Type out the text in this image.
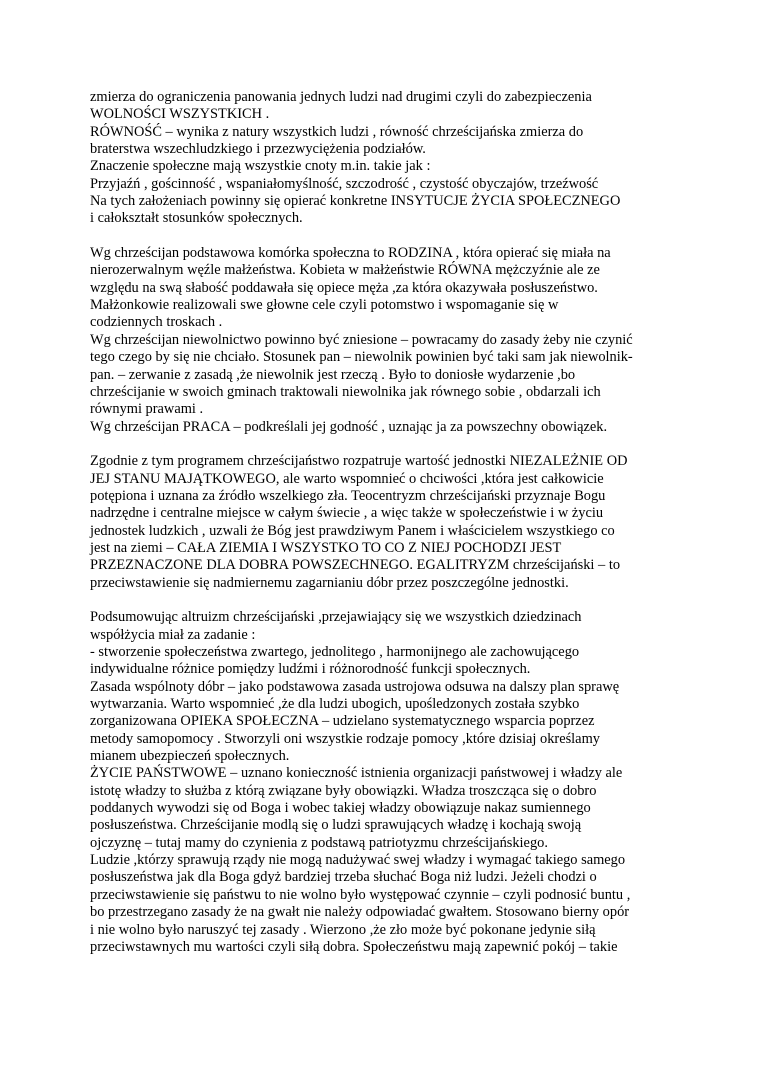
zmierza do ograniczenia panowania jednych ludzi nad drugimi czyli do zabezpieczenia
WOLNOŚCI WSZYSTKICH .
RÓWNOŚĆ – wynika z natury wszystkich ludzi , równość chrześcijańska zmierza do
braterstwa wszechludzkiego i przezwyciężenia podziałów.
Znaczenie społeczne mają wszystkie cnoty m.in. takie jak :
Przyjaźń , gościnność , wspaniałomyślność, szczodrość , czystość obyczajów, trzeźwość
Na tych założeniach powinny się opierać konkretne INSYTUCJE ŻYCIA SPOŁECZNEGO
i całokształt stosunków społecznych.
Wg chrześcijan podstawowa komórka społeczna to RODZINA , która opierać się miała na
nierozerwalnym węźle małżeństwa. Kobieta w małżeństwie RÓWNA mężczyźnie ale ze
względu na swą słabość poddawała się opiece męża ,za która okazywała posłuszeństwo.
Małżonkowie realizowali swe głowne cele czyli potomstwo i wspomaganie się w
codziennych troskach .
Wg chrześcijan niewolnictwo powinno być zniesione – powracamy do zasady żeby nie czynić
tego czego by się nie chciało. Stosunek pan – niewolnik powinien być taki sam jak niewolnik-
pan. – zerwanie z zasadą ,że niewolnik jest rzeczą . Było to doniosłe wydarzenie ,bo
chrześcijanie w swoich gminach traktowali niewolnika jak równego sobie , obdarzali ich
równymi prawami .
Wg chrześcijan PRACA – podkreślali jej godność , uznając ja za powszechny obowiązek.
Zgodnie z tym programem chrześcijaństwo rozpatruje wartość jednostki NIEZALEŻNIE OD
JEJ STANU MAJĄTKOWEGO, ale warto wspomnieć o chciwości ,która jest całkowicie
potępiona i uznana za źródło wszelkiego zła. Teocentryzm chrześcijański przyznaje Bogu
nadrzędne i centralne miejsce w całym świecie , a więc także w społeczeństwie i w życiu
jednostek ludzkich , uzwali że Bóg jest prawdziwym Panem i właścicielem wszystkiego co
jest na ziemi – CAŁA ZIEMIA I WSZYSTKO TO CO Z NIEJ POCHODZI JEST
PRZEZNACZONE DLA DOBRA POWSZECHNEGO. EGALITRYZM chrześcijański – to
przeciwstawienie się nadmiernemu zagarnianiu dóbr przez poszczególne jednostki.
Podsumowując altruizm chrześcijański ,przejawiający się we wszystkich dziedzinach
współżycia miał za zadanie :
- stworzenie społeczeństwa zwartego, jednolitego , harmonijnego ale zachowującego
indywidualne różnice pomiędzy ludźmi i różnorodność funkcji społecznych.
Zasada wspólnoty dóbr – jako podstawowa zasada ustrojowa odsuwa na dalszy plan sprawę
wytwarzania. Warto wspomnieć ,że dla ludzi ubogich, upośledzonych została szybko
zorganizowana OPIEKA SPOŁECZNA – udzielano systematycznego wsparcia poprzez
metody samopomocy . Stworzyli oni wszystkie rodzaje pomocy ,które dzisiaj określamy
mianem ubezpieczeń społecznych.
ŻYCIE PAŃSTWOWE – uznano konieczność istnienia organizacji państwowej i władzy ale
istotę władzy to służba z którą związane były obowiązki. Władza troszcząca się o dobro
poddanych wywodzi się od Boga i wobec takiej władzy obowiązuje nakaz sumiennego
posłuszeństwa. Chrześcijanie modlą się o ludzi sprawujących władzę i kochają swoją
ojczyznę – tutaj mamy do czynienia z podstawą patriotyzmu chrześcijańskiego.
Ludzie ,którzy sprawują rządy nie mogą nadużywać swej władzy i wymagać takiego samego
posłuszeństwa jak dla Boga gdyż bardziej trzeba słuchać Boga niż ludzi. Jeżeli chodzi o
przeciwstawienie się państwu to nie wolno było występować czynnie – czyli podnosić buntu ,
bo przestrzegano zasady że na gwałt nie należy odpowiadać gwałtem. Stosowano bierny opór
i nie wolno było naruszyć tej zasady . Wierzono ,że zło może być pokonane jedynie siłą
przeciwstawnych mu wartości czyli siłą dobra. Społeczeństwu mają zapewnić pokój – takie
